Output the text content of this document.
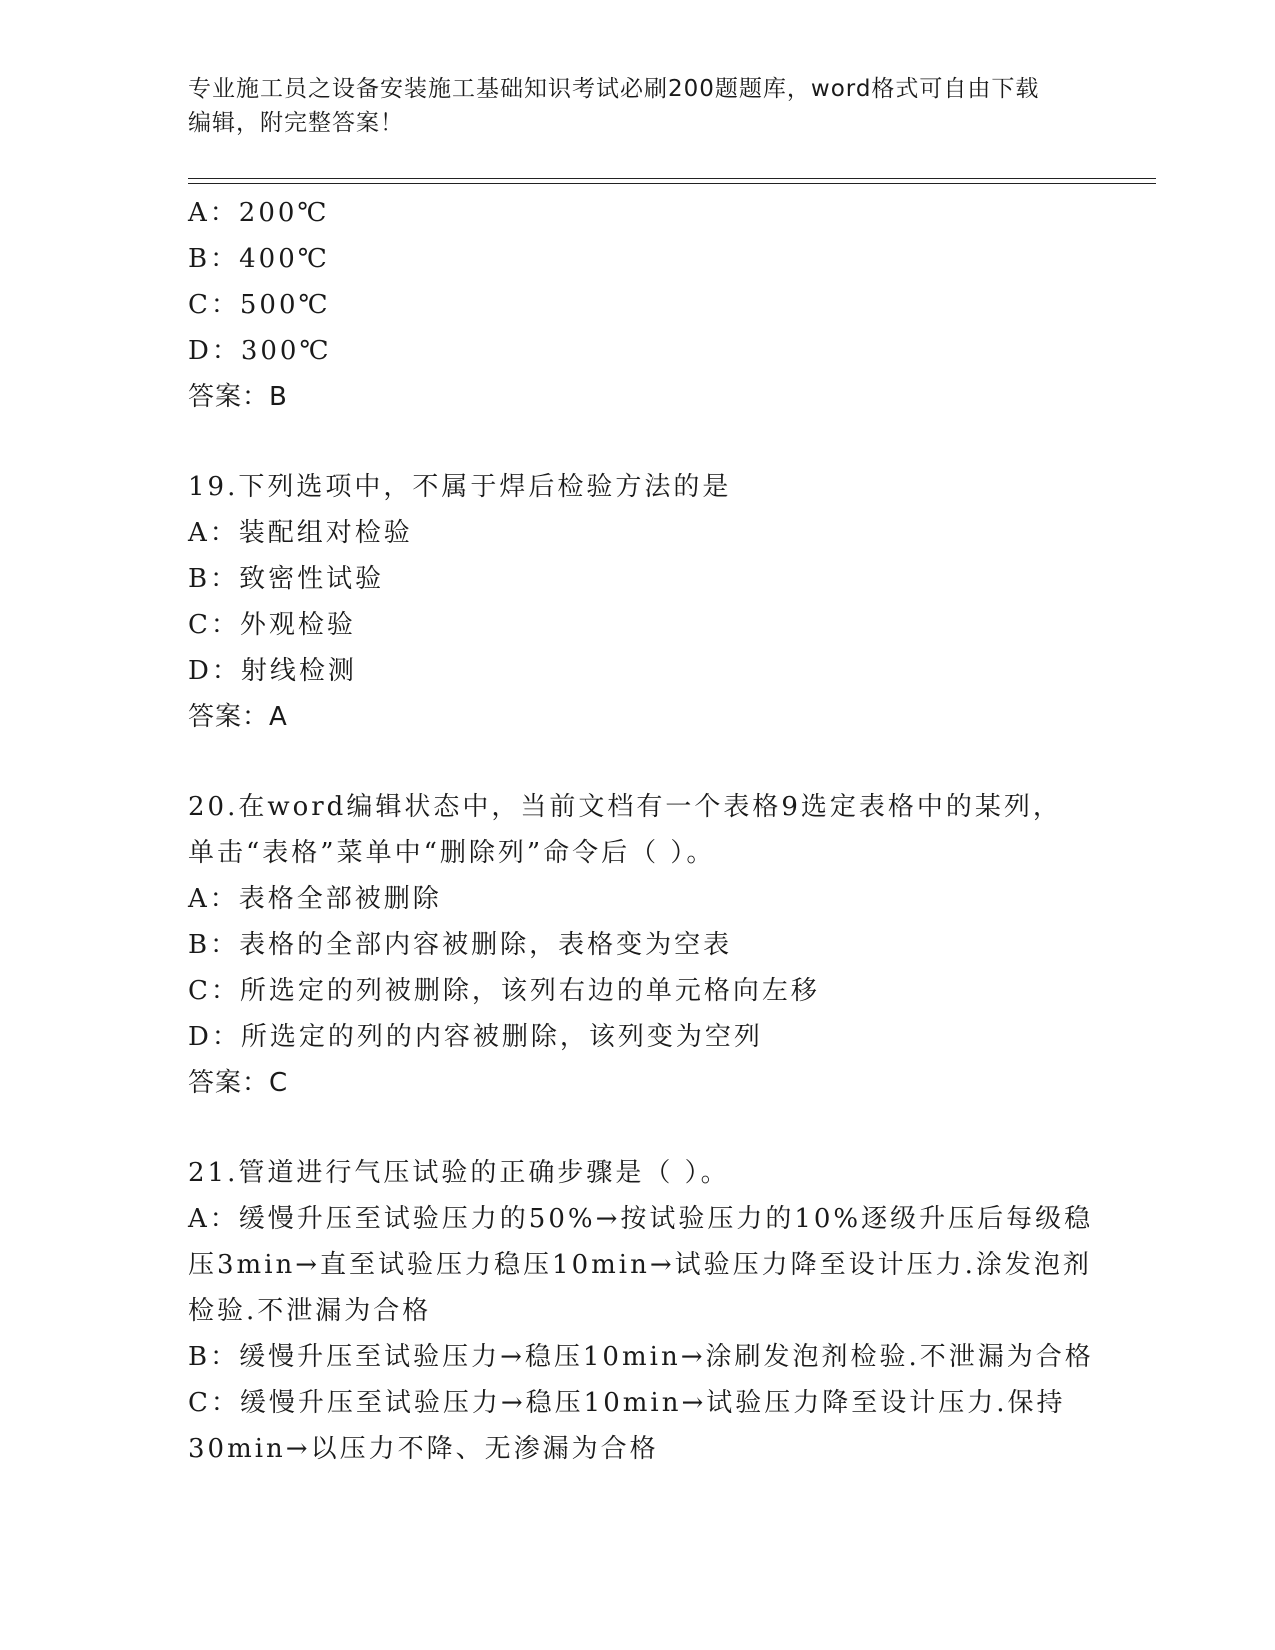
专业施工员之设备安装施工基础知识考试必刷200题题库，word格式可自由下载
编辑，附完整答案！
A：200℃
B：400℃
C：500℃
D：300℃
答案：B
19.下列选项中，不属于焊后检验方法的是
A：装配组对检验
B：致密性试验
C：外观检验
D：射线检测
答案：A
20.在word编辑状态中，当前文档有一个表格9选定表格中的某列，
单击“表格”菜单中“删除列”命令后（ ）。
A：表格全部被删除
B：表格的全部内容被删除，表格变为空表
C：所选定的列被删除，该列右边的单元格向左移
D：所选定的列的内容被删除，该列变为空列
答案：C
21.管道进行气压试验的正确步骤是（ ）。
A：缓慢升压至试验压力的50%→按试验压力的10%逐级升压后每级稳
压3min→直至试验压力稳压10min→试验压力降至设计压力.涂发泡剂
检验.不泄漏为合格
B：缓慢升压至试验压力→稳压10min→涂刷发泡剂检验.不泄漏为合格
C：缓慢升压至试验压力→稳压10min→试验压力降至设计压力.保持
30min→以压力不降、无渗漏为合格
